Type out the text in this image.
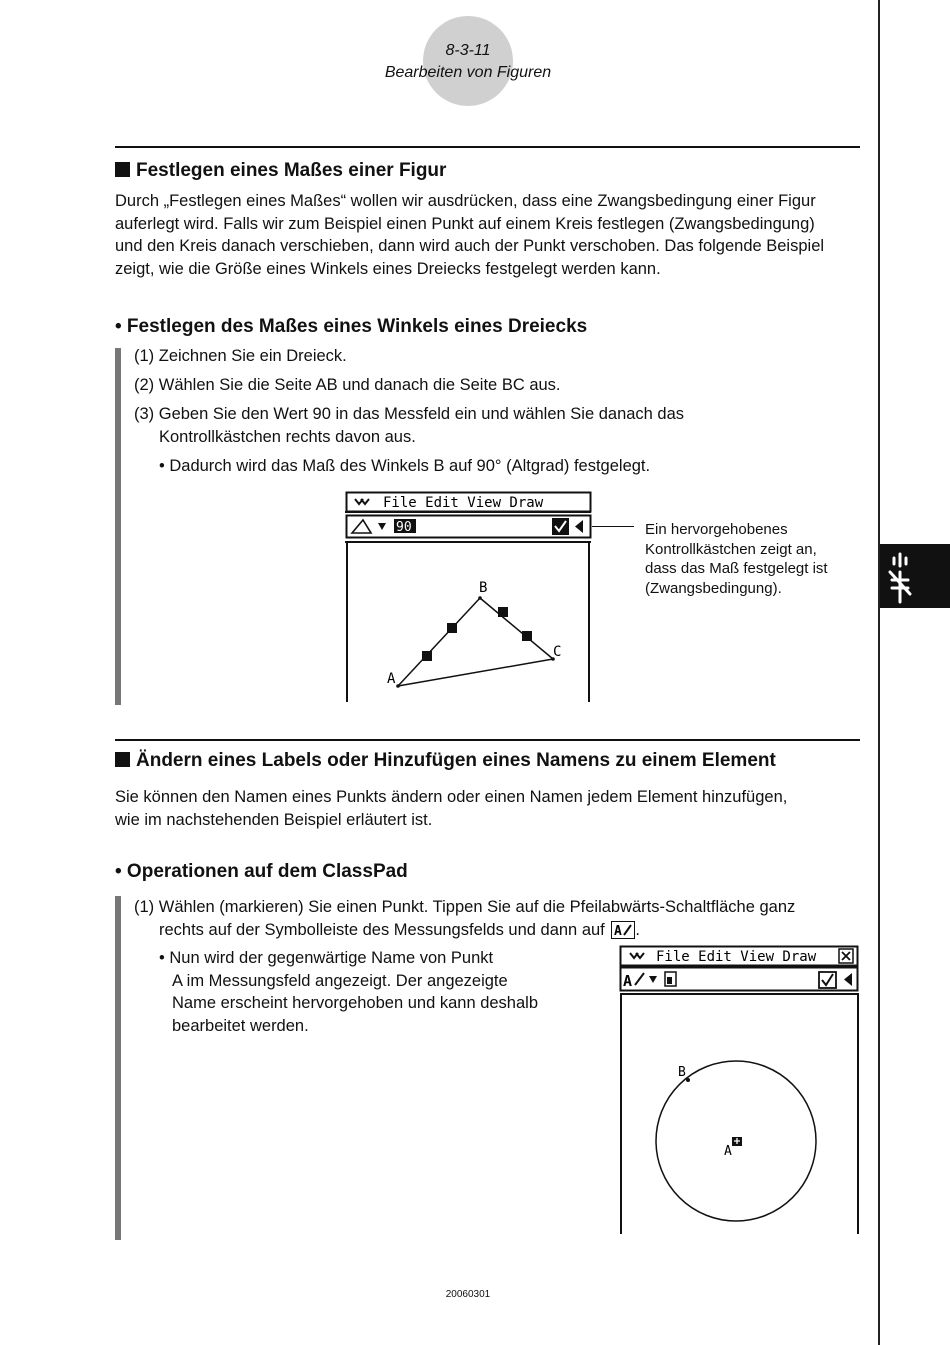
8-3-11
Bearbeiten von Figuren
Festlegen eines Maßes einer Figur
Durch „Festlegen eines Maßes“ wollen wir ausdrücken, dass eine Zwangsbedingung einer Figur
auferlegt wird. Falls wir zum Beispiel einen Punkt auf einem Kreis festlegen (Zwangsbedingung)
und den Kreis danach verschieben, dann wird auch der Punkt verschoben. Das folgende Beispiel
zeigt, wie die Größe eines Winkels eines Dreiecks festgelegt werden kann.
• Festlegen des Maßes eines Winkels eines Dreiecks
(1) Zeichnen Sie ein Dreieck.
(2) Wählen Sie die Seite AB und danach die Seite BC aus.
(3) Geben Sie den Wert 90 in das Messfeld ein und wählen Sie danach das
Kontrollkästchen rechts davon aus.
• Dadurch wird das Maß des Winkels B auf 90° (Altgrad) festgelegt.
File Edit View Draw
90
A
B
C
Ein hervorgehobenes
Kontrollkästchen zeigt an,
dass das Maß festgelegt ist
(Zwangsbedingung).
Ändern eines Labels oder Hinzufügen eines Namens zu einem Element
Sie können den Namen eines Punkts ändern oder einen Namen jedem Element hinzufügen,
wie im nachstehenden Beispiel erläutert ist.
• Operationen auf dem ClassPad
(1) Wählen (markieren) Sie einen Punkt. Tippen Sie auf die Pfeilabwärts-Schaltfläche ganz
rechts auf der Symbolleiste des Messungsfelds und dann auf A .
• Nun wird der gegenwärtige Name von Punkt
A im Messungsfeld angezeigt. Der angezeigte
Name erscheint hervorgehoben und kann deshalb
bearbeitet werden.
File Edit View Draw
A
B
A
20060301
